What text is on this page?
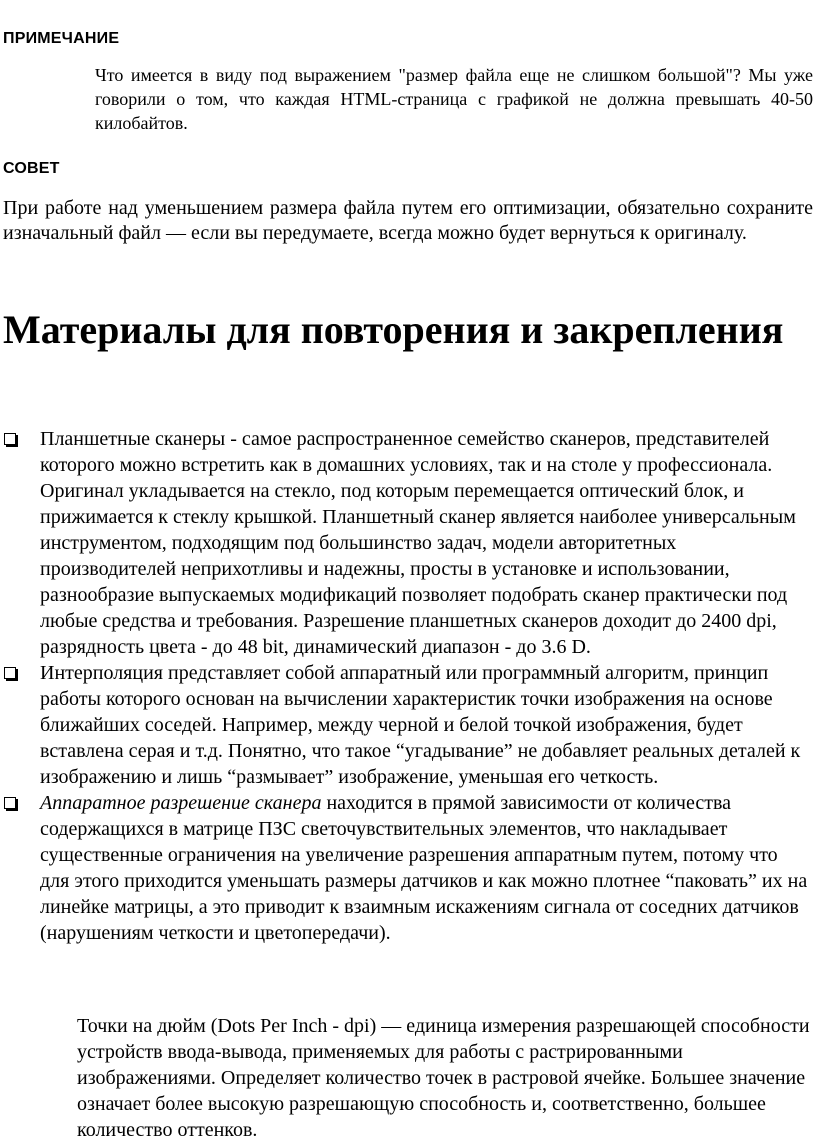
ПРИМЕЧАНИЕ

Что имеется в виду под выражением "размер файла еще не слишком большой"? Мы уже говорили о том, что каждая HTML-страница с графикой не должна превышать 40-50 килобайтов.

СОВЕТ

При работе над уменьшением размера файла путем его оптимизации, обязательно сохраните изначальный файл — если вы передумаете, всегда можно будет вернуться к оригиналу.

Материалы для повторения и закрепления
Планшетные сканеры - самое распространенное семейство сканеров, представителей которого можно встретить как в домашних условиях, так и на столе у профессионала. Оригинал укладывается на стекло, под которым перемещается оптический блок, и прижимается к стеклу крышкой. Планшетный сканер является наиболее универсальным инструментом, подходящим под большинство задач, модели авторитетных производителей неприхотливы и надежны, просты в установке и использовании, разнообразие выпускаемых модификаций позволяет подобрать сканер практически под любые средства и требования. Разрешение планшетных сканеров доходит до 2400 dpi, разрядность цвета - до 48 bit, динамический диапазон - до 3.6 D.
Интерполяция представляет собой аппаратный или программный алгоритм, принцип работы которого основан на вычислении характеристик точки изображения на основе ближайших соседей. Например, между черной и белой точкой изображения, будет вставлена серая и т.д. Понятно, что такое “угадывание” не добавляет реальных деталей к изображению и лишь “размывает” изображение, уменьшая его четкость.
Аппаратное разрешение сканера находится в прямой зависимости от количества содержащихся в матрице ПЗС светочувствительных элементов, что накладывает существенные ограничения на увеличение разрешения аппаратным путем, потому что для этого приходится уменьшать размеры датчиков и как можно плотнее “паковать” их на линейке матрицы, а это приводит к взаимным искажениям сигнала от соседних датчиков (нарушениям четкости и цветопередачи).

Точки на дюйм (Dots Per Inch - dpi) — единица измерения разрешающей способности устройств ввода-вывода, применяемых для работы с растрированными изображениями. Определяет количество точек в растровой ячейке. Большее значение означает более высокую разрешающую способность и, соответственно, большее количество оттенков.
